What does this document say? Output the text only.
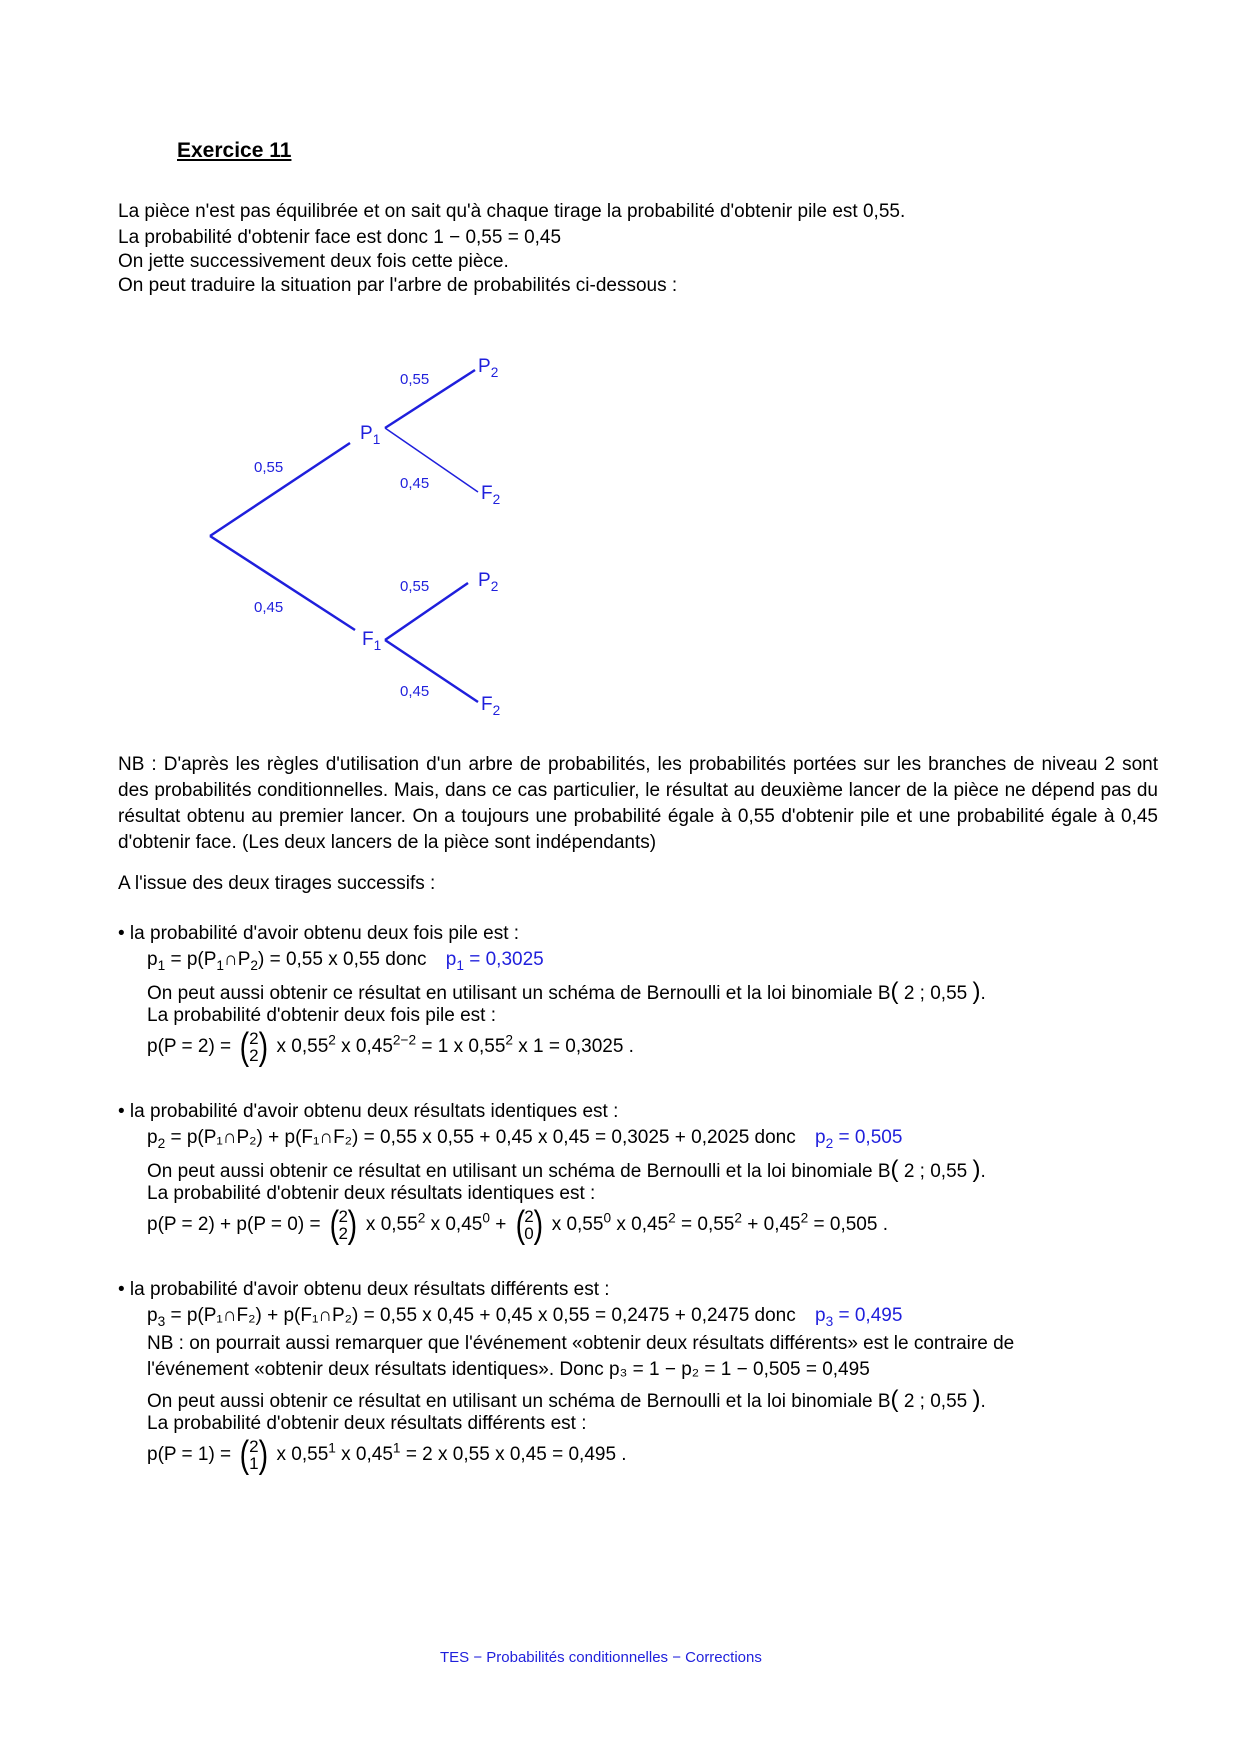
Exercice 11
La pièce n'est pas équilibrée et on sait qu'à chaque tirage la probabilité d'obtenir pile est 0,55.
La probabilité d'obtenir face est donc 1 − 0,55 = 0,45
On jette successivement deux fois cette pièce.
On peut traduire la situation par l'arbre de probabilités ci-dessous :
0,55
0,45
0,55
0,45
0,55
0,45
$P_1$
$F_1$
$P_2$
$F_2$
$P_2$
$F_2$
NB : D'après les règles d'utilisation d'un arbre de probabilités, les probabilités portées sur les branches de niveau 2 sont des probabilités conditionnelles. Mais, dans ce cas particulier, le résultat au deuxième lancer de la pièce ne dépend pas du résultat obtenu au premier lancer. On a toujours une probabilité égale à 0,55 d'obtenir pile et une probabilité égale à 0,45 d'obtenir face. (Les deux lancers de la pièce sont indépendants)
A l'issue des deux tirages successifs :
• la probabilité d'avoir obtenu deux fois pile est :
$p_1$ = $p(P_1\cap P_2) = 0,55$ x 0,55 donc $p_1 = 0,3025$
On peut aussi obtenir ce résultat en utilisant un schéma de Bernoulli et la loi binomiale B( 2 ; 0,55 ).
La probabilité d'obtenir deux fois pile est :
p(P = 2) = ( 2
2 ) x 0,55$^2$ x $0,45^{2-2} = 1$ x 0,55$^2$ x 1 = 0,3025 .
• la probabilité d'avoir obtenu deux résultats identiques est :
$p_2$ = p(P₁∩P₂) + p(F₁∩F₂) = 0,55 x 0,55 + 0,45 x 0,45 = 0,3025 + 0,2025 donc $p_2 = 0,505$
On peut aussi obtenir ce résultat en utilisant un schéma de Bernoulli et la loi binomiale B( 2 ; 0,55 ).
La probabilité d'obtenir deux résultats identiques est :
p(P = 2) + p(P = 0) = ( 2
2 ) x 0,55$^2$ x $0,45^0$ + ( 2
0 ) x 0,55$^0$ x $0,45^2 = 0,55^2 + 0,45^2 = 0,505$ .
• la probabilité d'avoir obtenu deux résultats différents est :
$p_3$ = p(P₁∩F₂) + p(F₁∩P₂) = 0,55 x 0,45 + 0,45 x 0,55 = 0,2475 + 0,2475 donc $p_3 = 0,495$
NB : on pourrait aussi remarquer que l'événement «obtenir deux résultats différents» est le contraire de
l'événement «obtenir deux résultats identiques». Donc p₃ = 1 − p₂ = 1 − 0,505 = 0,495
On peut aussi obtenir ce résultat en utilisant un schéma de Bernoulli et la loi binomiale B( 2 ; 0,55 ).
La probabilité d'obtenir deux résultats différents est :
p(P = 1) = ( 2
1 ) x 0,55$^1$ x $0,45^1 = 2$ x 0,55 x 0,45 = 0,495 .
TES − Probabilités conditionnelles − Corrections
